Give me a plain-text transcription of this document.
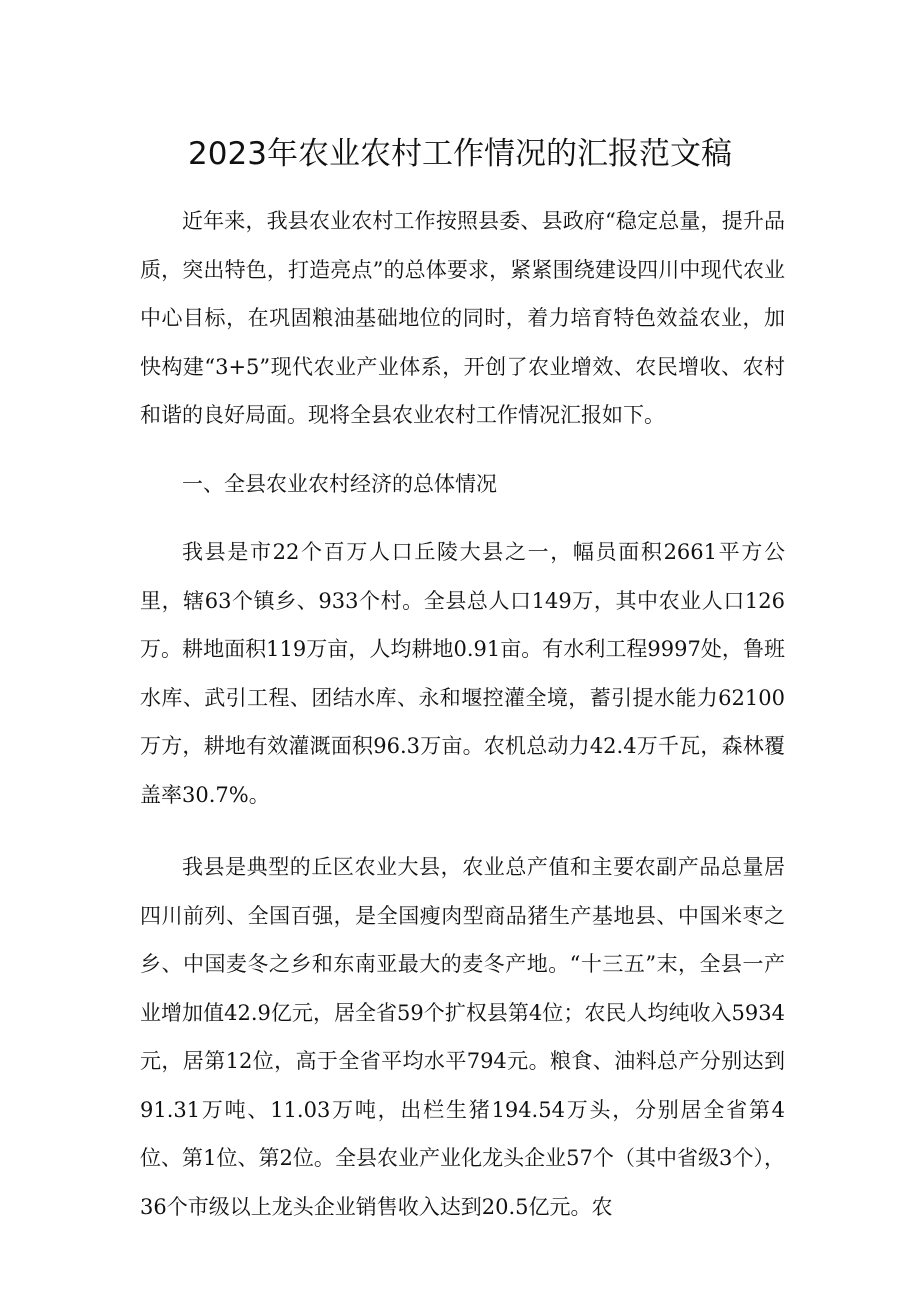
2023年农业农村工作情况的汇报范文稿

近年来，我县农业农村工作按照县委、县政府“稳定总量，提升品质，突出特色，打造亮点”的总体要求，紧紧围绕建设四川中现代农业中心目标，在巩固粮油基础地位的同时，着力培育特色效益农业，加快构建“3+5”现代农业产业体系，开创了农业增效、农民增收、农村和谐的良好局面。现将全县农业农村工作情况汇报如下。

一、全县农业农村经济的总体情况

我县是市22个百万人口丘陵大县之一，幅员面积2661平方公里，辖63个镇乡、933个村。全县总人口149万，其中农业人口126万。耕地面积119万亩，人均耕地0.91亩。有水利工程9997处，鲁班水库、武引工程、团结水库、永和堰控灌全境，蓄引提水能力62100万方，耕地有效灌溉面积96.3万亩。农机总动力42.4万千瓦，森林覆盖率30.7%。

我县是典型的丘区农业大县，农业总产值和主要农副产品总量居四川前列、全国百强，是全国瘦肉型商品猪生产基地县、中国米枣之乡、中国麦冬之乡和东南亚最大的麦冬产地。“十三五”末，全县一产业增加值42.9亿元，居全省59个扩权县第4位；农民人均纯收入5934元，居第12位，高于全省平均水平794元。粮食、油料总产分别达到91.31万吨、11.03万吨，出栏生猪194.54万头，分别居全省第4位、第1位、第2位。全县农业产业化龙头企业57个（其中省级3个），36个市级以上龙头企业销售收入达到20.5亿元。农
